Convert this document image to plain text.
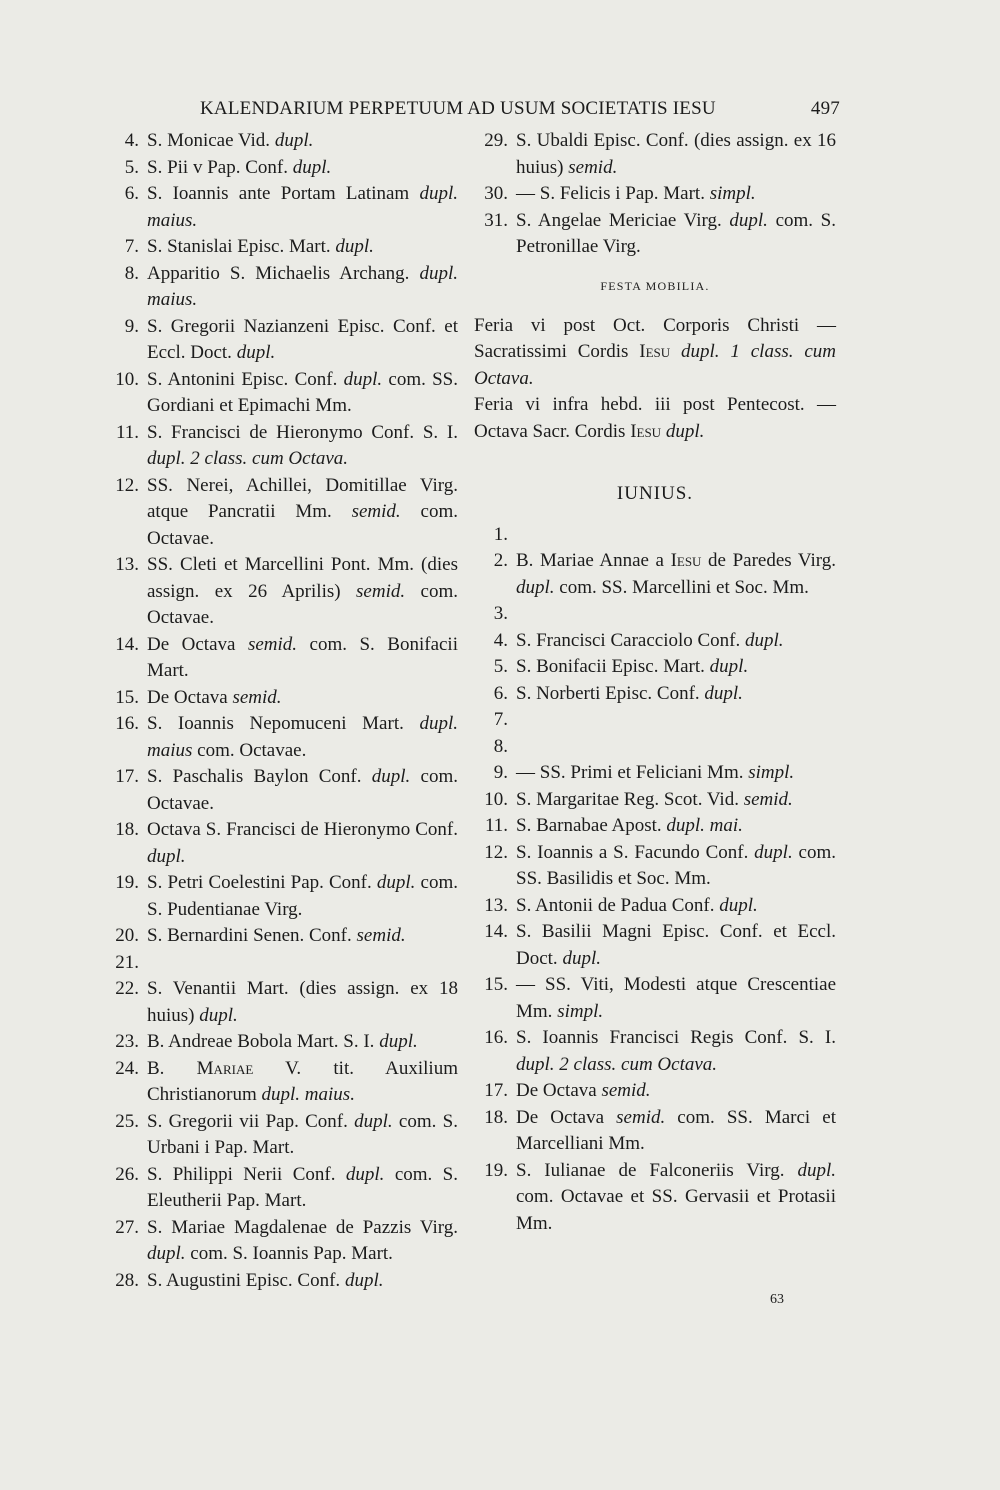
KALENDARIUM PERPETUUM AD USUM SOCIETATIS IESU	497
4. S. Monicae Vid. dupl.
5. S. Pii v Pap. Conf. dupl.
6. S. Ioannis ante Portam Latinam dupl. maius.
7. S. Stanislai Episc. Mart. dupl.
8. Apparitio S. Michaelis Archang. dupl. maius.
9. S. Gregorii Nazianzeni Episc. Conf. et Eccl. Doct. dupl.
10. S. Antonini Episc. Conf. dupl. com. SS. Gordiani et Epimachi Mm.
11. S. Francisci de Hieronymo Conf. S. I. dupl. 2 class. cum Octava.
12. SS. Nerei, Achillei, Domitillae Virg. atque Pancratii Mm. semid. com. Octavae.
13. SS. Cleti et Marcellini Pont. Mm. (dies assign. ex 26 Aprilis) semid. com. Octavae.
14. De Octava semid. com. S. Bonifacii Mart.
15. De Octava semid.
16. S. Ioannis Nepomuceni Mart. dupl. maius com. Octavae.
17. S. Paschalis Baylon Conf. dupl. com. Octavae.
18. Octava S. Francisci de Hieronymo Conf. dupl.
19. S. Petri Coelestini Pap. Conf. dupl. com. S. Pudentianae Virg.
20. S. Bernardini Senen. Conf. semid.
21.

22. S. Venantii Mart. (dies assign. ex 18 huius) dupl.
23. B. Andreae Bobola Mart. S. I. dupl.
24. B. Mariae V. tit. Auxilium Christianorum dupl. maius.
25. S. Gregorii vii Pap. Conf. dupl. com. S. Urbani i Pap. Mart.
26. S. Philippi Nerii Conf. dupl. com. S. Eleutherii Pap. Mart.
27. S. Mariae Magdalenae de Pazzis Virg. dupl. com. S. Ioannis Pap. Mart.
28. S. Augustini Episc. Conf. dupl.
29. S. Ubaldi Episc. Conf. (dies assign. ex 16 huius) semid.
30. — S. Felicis i Pap. Mart. simpl.
31. S. Angelae Mericiae Virg. dupl. com. S. Petronillae Virg.
FESTA MOBILIA.
Feria vi post Oct. Corporis Christi — Sacratissimi Cordis Iesu dupl. 1 class. cum Octava.
Feria vi infra hebd. iii post Pentecost. — Octava Sacr. Cordis Iesu dupl.
IUNIUS.
1.

2. B. Mariae Annae a Iesu de Paredes Virg. dupl. com. SS. Marcellini et Soc. Mm.
3.

4. S. Francisci Caracciolo Conf. dupl.
5. S. Bonifacii Episc. Mart. dupl.
6. S. Norberti Episc. Conf. dupl.
7.

8.

9. — SS. Primi et Feliciani Mm. simpl.
10. S. Margaritae Reg. Scot. Vid. semid.
11. S. Barnabae Apost. dupl. mai.
12. S. Ioannis a S. Facundo Conf. dupl. com. SS. Basilidis et Soc. Mm.
13. S. Antonii de Padua Conf. dupl.
14. S. Basilii Magni Episc. Conf. et Eccl. Doct. dupl.
15. — SS. Viti, Modesti atque Crescentiae Mm. simpl.
16. S. Ioannis Francisci Regis Conf. S. I. dupl. 2 class. cum Octava.
17. De Octava semid.
18. De Octava semid. com. SS. Marci et Marcelliani Mm.
19. S. Iulianae de Falconeriis Virg. dupl. com. Octavae et SS. Gervasii et Protasii Mm.
63
